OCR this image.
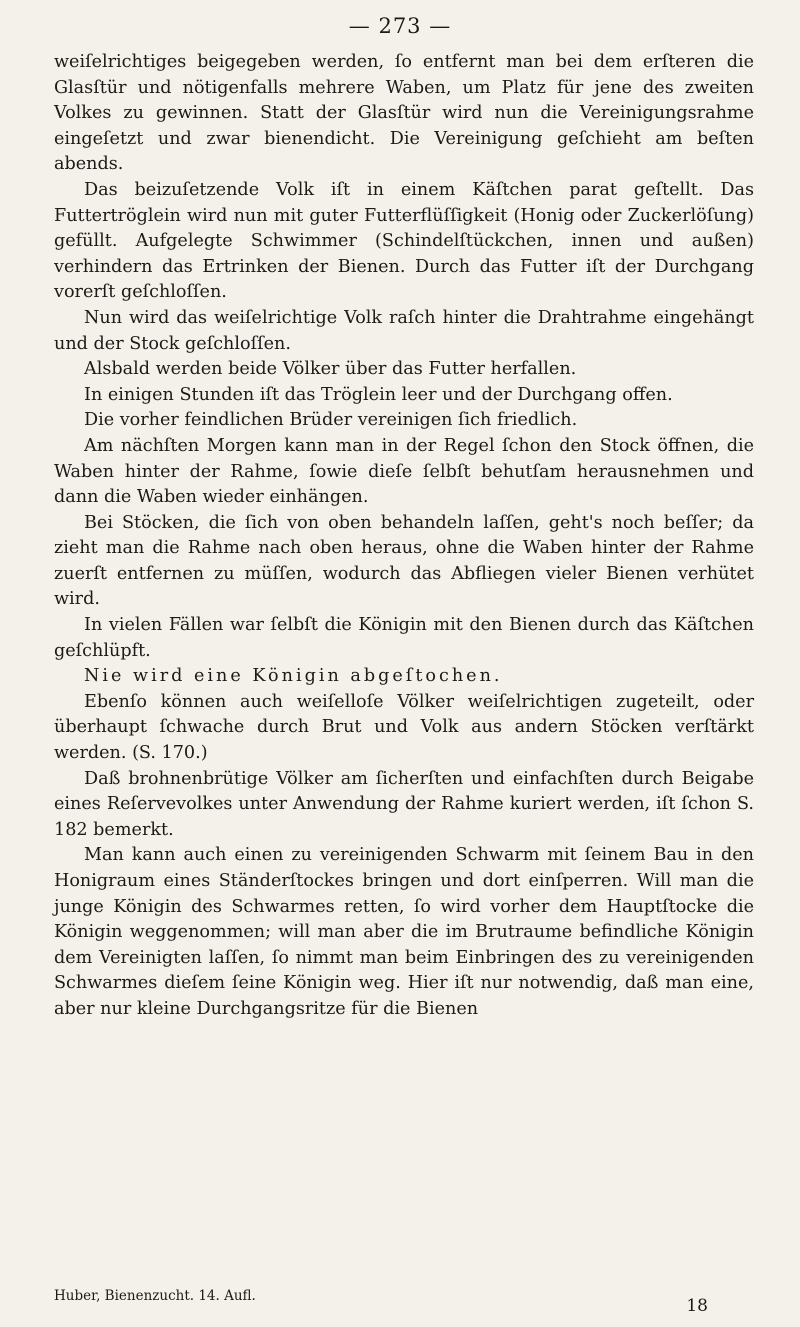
— 273 —

weiſelrichtiges beigegeben werden, ſo entfernt man bei dem erſteren die Glasſtür und nötigenfalls mehrere Waben, um Platz für jene des zweiten Volkes zu gewinnen. Statt der Glasſtür wird nun die Vereinigungsrahme eingeſetzt und zwar bienendicht. Die Vereinigung geſchieht am beſten abends.

Das beizuſetzende Volk iſt in einem Käſtchen parat geſtellt. Das Futtertröglein wird nun mit guter Futterflüſſigkeit (Honig oder Zuckerlöſung) gefüllt. Aufgelegte Schwimmer (Schindelſtückchen, innen und außen) verhindern das Ertrinken der Bienen. Durch das Futter iſt der Durchgang vorerſt geſchloſſen.

Nun wird das weiſelrichtige Volk raſch hinter die Drahtrahme eingehängt und der Stock geſchloſſen.

Alsbald werden beide Völker über das Futter herfallen.

In einigen Stunden iſt das Tröglein leer und der Durchgang offen.

Die vorher feindlichen Brüder vereinigen ſich friedlich.

Am nächſten Morgen kann man in der Regel ſchon den Stock öffnen, die Waben hinter der Rahme, ſowie dieſe ſelbſt behutſam herausnehmen und dann die Waben wieder einhängen.

Bei Stöcken, die ſich von oben behandeln laſſen, geht's noch beſſer; da zieht man die Rahme nach oben heraus, ohne die Waben hinter der Rahme zuerſt entfernen zu müſſen, wodurch das Abfliegen vieler Bienen verhütet wird.

In vielen Fällen war ſelbſt die Königin mit den Bienen durch das Käſtchen geſchlüpft.

Nie wird eine Königin abgeſtochen.

Ebenſo können auch weiſelloſe Völker weiſelrichtigen zugeteilt, oder überhaupt ſchwache durch Brut und Volk aus andern Stöcken verſtärkt werden. (S. 170.)

Daß brohnenbrütige Völker am ſicherſten und einfachſten durch Beigabe eines Reſervevolkes unter Anwendung der Rahme kuriert werden, iſt ſchon S. 182 bemerkt.

Man kann auch einen zu vereinigenden Schwarm mit ſeinem Bau in den Honigraum eines Ständerſtockes bringen und dort einſperren. Will man die junge Königin des Schwarmes retten, ſo wird vorher dem Hauptſtocke die Königin weggenommen; will man aber die im Brutraume befindliche Königin dem Vereinigten laſſen, ſo nimmt man beim Einbringen des zu vereinigenden Schwarmes dieſem ſeine Königin weg. Hier iſt nur notwendig, daß man eine, aber nur kleine Durchgangsritze für die Bienen

Huber, Bienenzucht. 14. Aufl.	18
